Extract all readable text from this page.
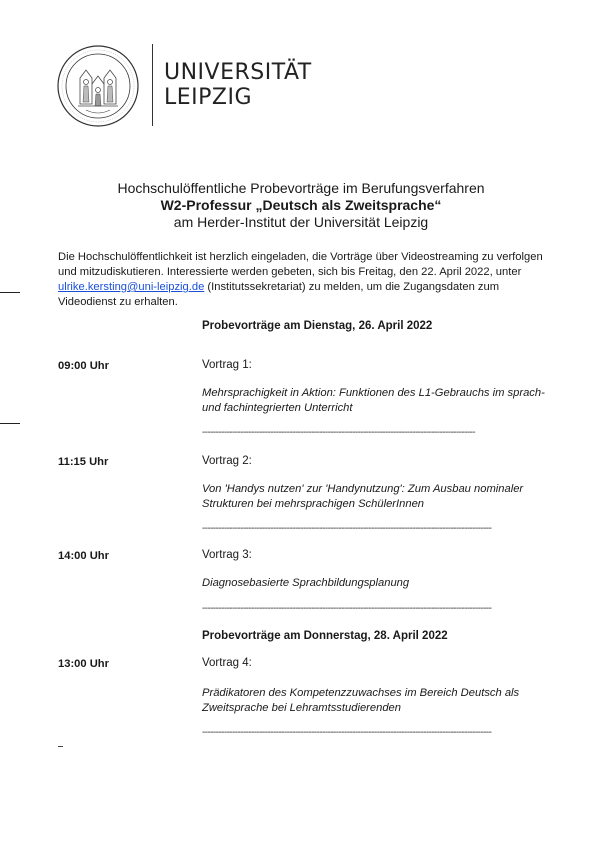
UNIVERSITÄT
LEIPZIG
Hochschulöffentliche Probevorträge im Berufungsverfahren
W2-Professur „Deutsch als Zweitsprache“
am Herder-Institut der Universität Leipzig

Die Hochschulöffentlichkeit ist herzlich eingeladen, die Vorträge über Videostreaming zu verfolgen und mitzudiskutieren. Interessierte werden gebeten, sich bis Freitag, den 22. April 2022, unter ulrike.kersting@uni-leipzig.de (Institutssekretariat) zu melden, um die Zugangsdaten zum Videodienst zu erhalten.

Probevorträge am Dienstag, 26. April 2022
09:00 Uhr	Vortrag 1:
Mehrsprachigkeit in Aktion: Funktionen des L1-Gebrauchs im sprach- und fachintegrierten Unterricht
----------------------------------------------------------------------------------------------------
11:15 Uhr	Vortrag 2:
Von 'Handys nutzen' zur 'Handynutzung': Zum Ausbau nominaler Strukturen bei mehrsprachigen SchülerInnen
----------------------------------------------------------------------------------------------------------
14:00 Uhr	Vortrag 3:
Diagnosebasierte Sprachbildungsplanung
----------------------------------------------------------------------------------------------------------
Probevorträge am Donnerstag, 28. April 2022
13:00 Uhr	Vortrag 4:
Prädikatoren des Kompetenzzuwachses im Bereich Deutsch als Zweitsprache bei Lehramtsstudierenden
----------------------------------------------------------------------------------------------------------
